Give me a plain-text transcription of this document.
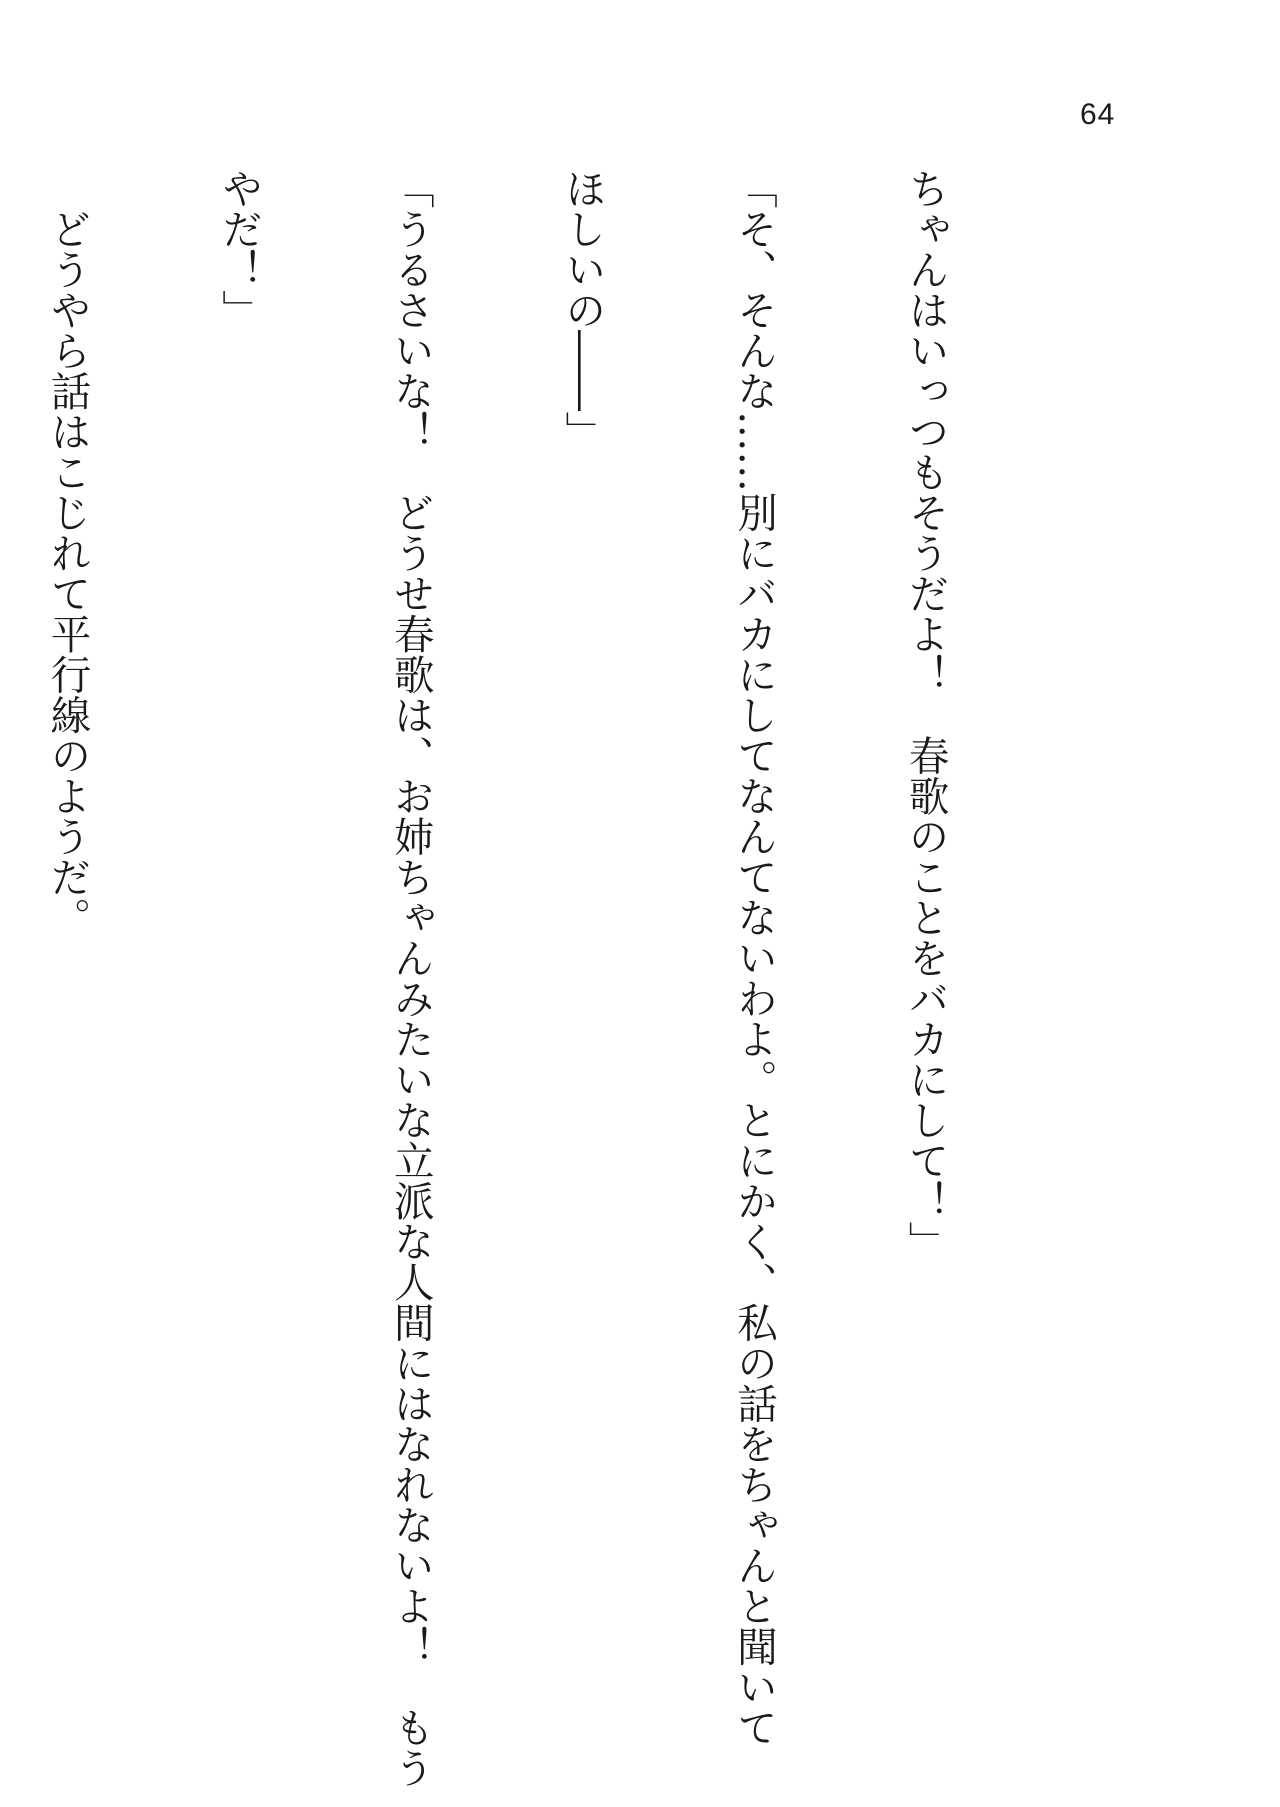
64

ちゃんはいっつもそうだよ！　春歌のことをバカにして！」

「そ、そんな……別にバカにしてなんてないわよ。とにかく、私の話をちゃんと聞いて

ほしいの――」

「うるさいな！　どうせ春歌は、お姉ちゃんみたいな立派な人間にはなれないよ！　もう

やだ！」

　どうやら話はこじれて平行線のようだ。
